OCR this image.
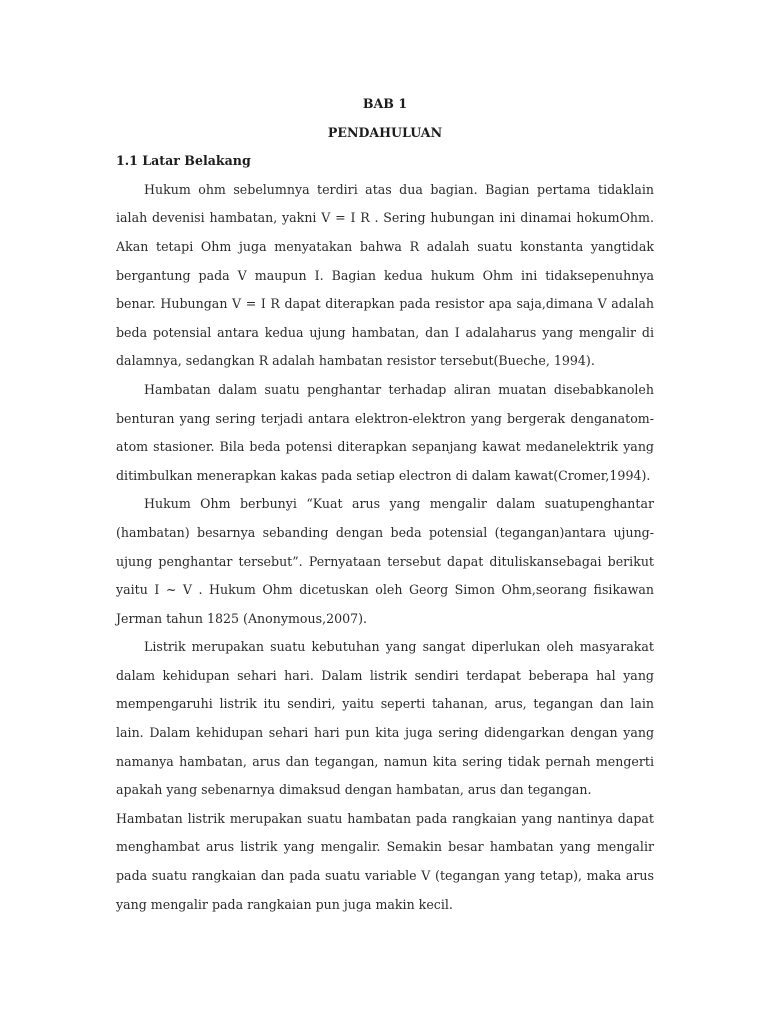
BAB 1

PENDAHULUAN

1.1 Latar Belakang

Hukum ohm sebelumnya terdiri atas dua bagian. Bagian pertama tidaklain ialah devenisi hambatan, yakni V = I R . Sering hubungan ini dinamai hokumOhm. Akan tetapi Ohm juga menyatakan bahwa R adalah suatu konstanta yangtidak bergantung pada V maupun I. Bagian kedua hukum Ohm ini tidaksepenuhnya benar. Hubungan V = I R dapat diterapkan pada resistor apa saja,dimana V adalah beda potensial antara kedua ujung hambatan, dan I adalaharus yang mengalir di dalamnya, sedangkan R adalah hambatan resistor tersebut(Bueche, 1994).

Hambatan dalam suatu penghantar terhadap aliran muatan disebabkanoleh benturan yang sering terjadi antara elektron-elektron yang bergerak denganatom-atom stasioner. Bila beda potensi diterapkan sepanjang kawat medanelektrik yang ditimbulkan menerapkan kakas pada setiap electron di dalam kawat(Cromer,1994).

Hukum Ohm berbunyi “Kuat arus yang mengalir dalam suatupenghantar (hambatan) besarnya sebanding dengan beda potensial (tegangan)antara ujung-ujung penghantar tersebut”. Pernyataan tersebut dapat dituliskansebagai berikut yaitu I ~ V . Hukum Ohm dicetuskan oleh Georg Simon Ohm,seorang fisikawan Jerman tahun 1825 (Anonymous,2007).

Listrik merupakan suatu kebutuhan yang sangat diperlukan oleh masyarakat dalam kehidupan sehari hari. Dalam listrik sendiri terdapat beberapa hal yang mempengaruhi listrik itu sendiri, yaitu seperti tahanan, arus, tegangan dan lain lain. Dalam kehidupan sehari hari pun kita juga sering didengarkan dengan yang namanya hambatan, arus dan tegangan, namun kita sering tidak pernah mengerti apakah yang sebenarnya dimaksud dengan hambatan, arus dan tegangan.

Hambatan listrik merupakan suatu hambatan pada rangkaian yang nantinya dapat menghambat arus listrik yang mengalir. Semakin besar hambatan yang mengalir pada suatu rangkaian dan pada suatu variable V (tegangan yang tetap), maka arus yang mengalir pada rangkaian pun juga makin kecil.
